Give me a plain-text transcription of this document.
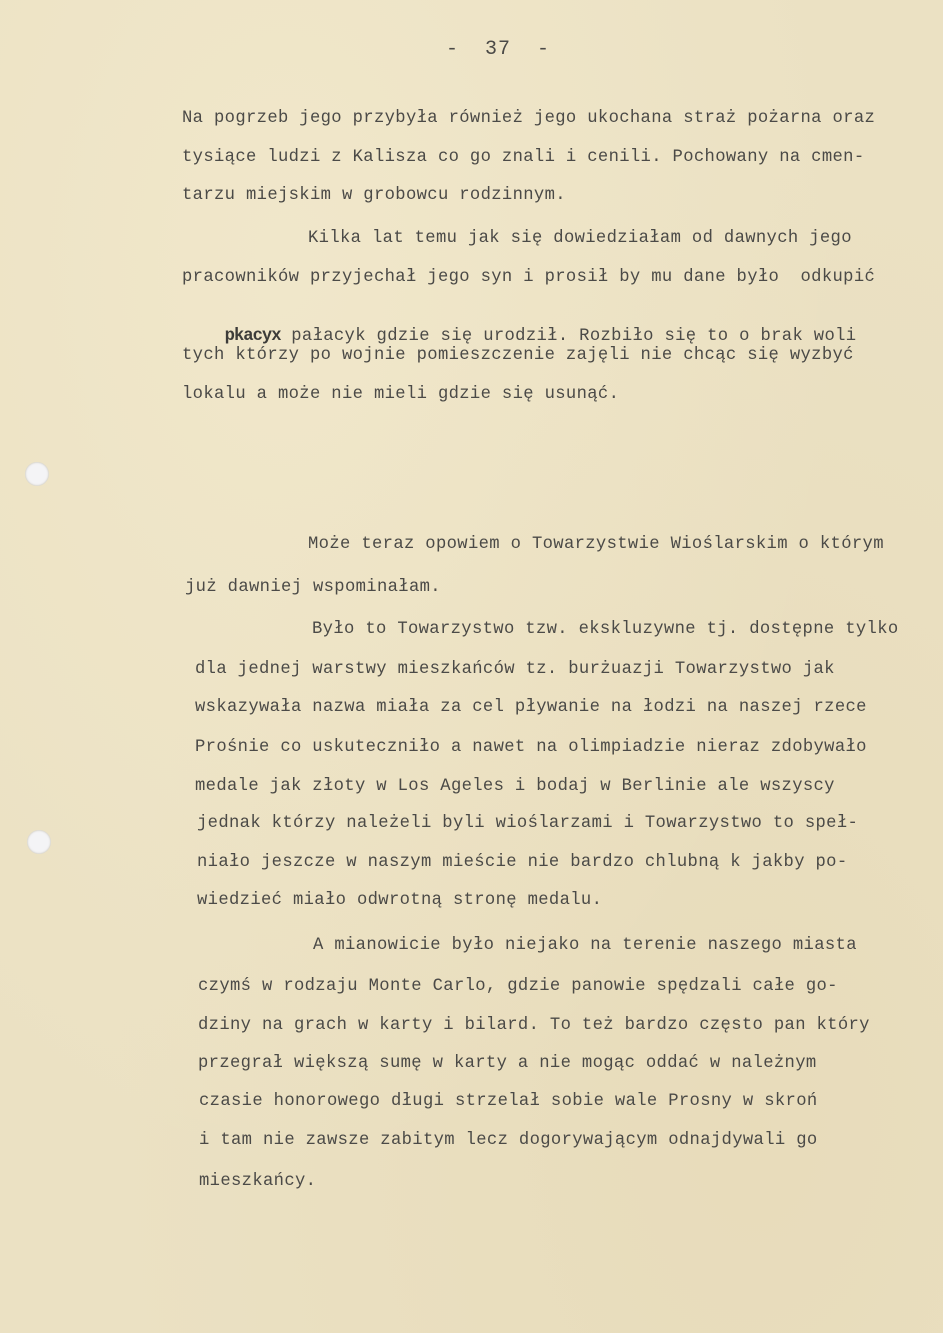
-  37  -
Na pogrzeb jego przybyła również jego ukochana straż pożarna oraz
tysiące ludzi z Kalisza co go znali i cenili. Pochowany na cmen-
tarzu miejskim w grobowcu rodzinnym.
Kilka lat temu jak się dowiedziałam od dawnych jego
pracowników przyjechał jego syn i prosił by mu dane było  odkupić

pkacyx pałacyk gdzie się urodził. Rozbiło się to o brak woli

tych którzy po wojnie pomieszczenie zajęli nie chcąc się wyzbyć
lokalu a może nie mieli gdzie się usunąć.
Może teraz opowiem o Towarzystwie Wioślarskim o którym
już dawniej wspominałam.
Było to Towarzystwo tzw. ekskluzywne tj. dostępne tylko
dla jednej warstwy mieszkańców tz. burżuazji Towarzystwo jak
wskazywała nazwa miała za cel pływanie na łodzi na naszej rzece
Prośnie co uskuteczniło a nawet na olimpiadzie nieraz zdobywało
medale jak złoty w Los Ageles i bodaj w Berlinie ale wszyscy
jednak którzy należeli byli wioślarzami i Towarzystwo to speł-
niało jeszcze w naszym mieście nie bardzo chlubną k jakby po-
wiedzieć miało odwrotną stronę medalu.
A mianowicie było niejako na terenie naszego miasta
czymś w rodzaju Monte Carlo, gdzie panowie spędzali całe go-
dziny na grach w karty i bilard. To też bardzo często pan który
przegrał większą sumę w karty a nie mogąc oddać w należnym
czasie honorowego długi strzelał sobie wale Prosny w skroń
i tam nie zawsze zabitym lecz dogorywającym odnajdywali go
mieszkańcy.
